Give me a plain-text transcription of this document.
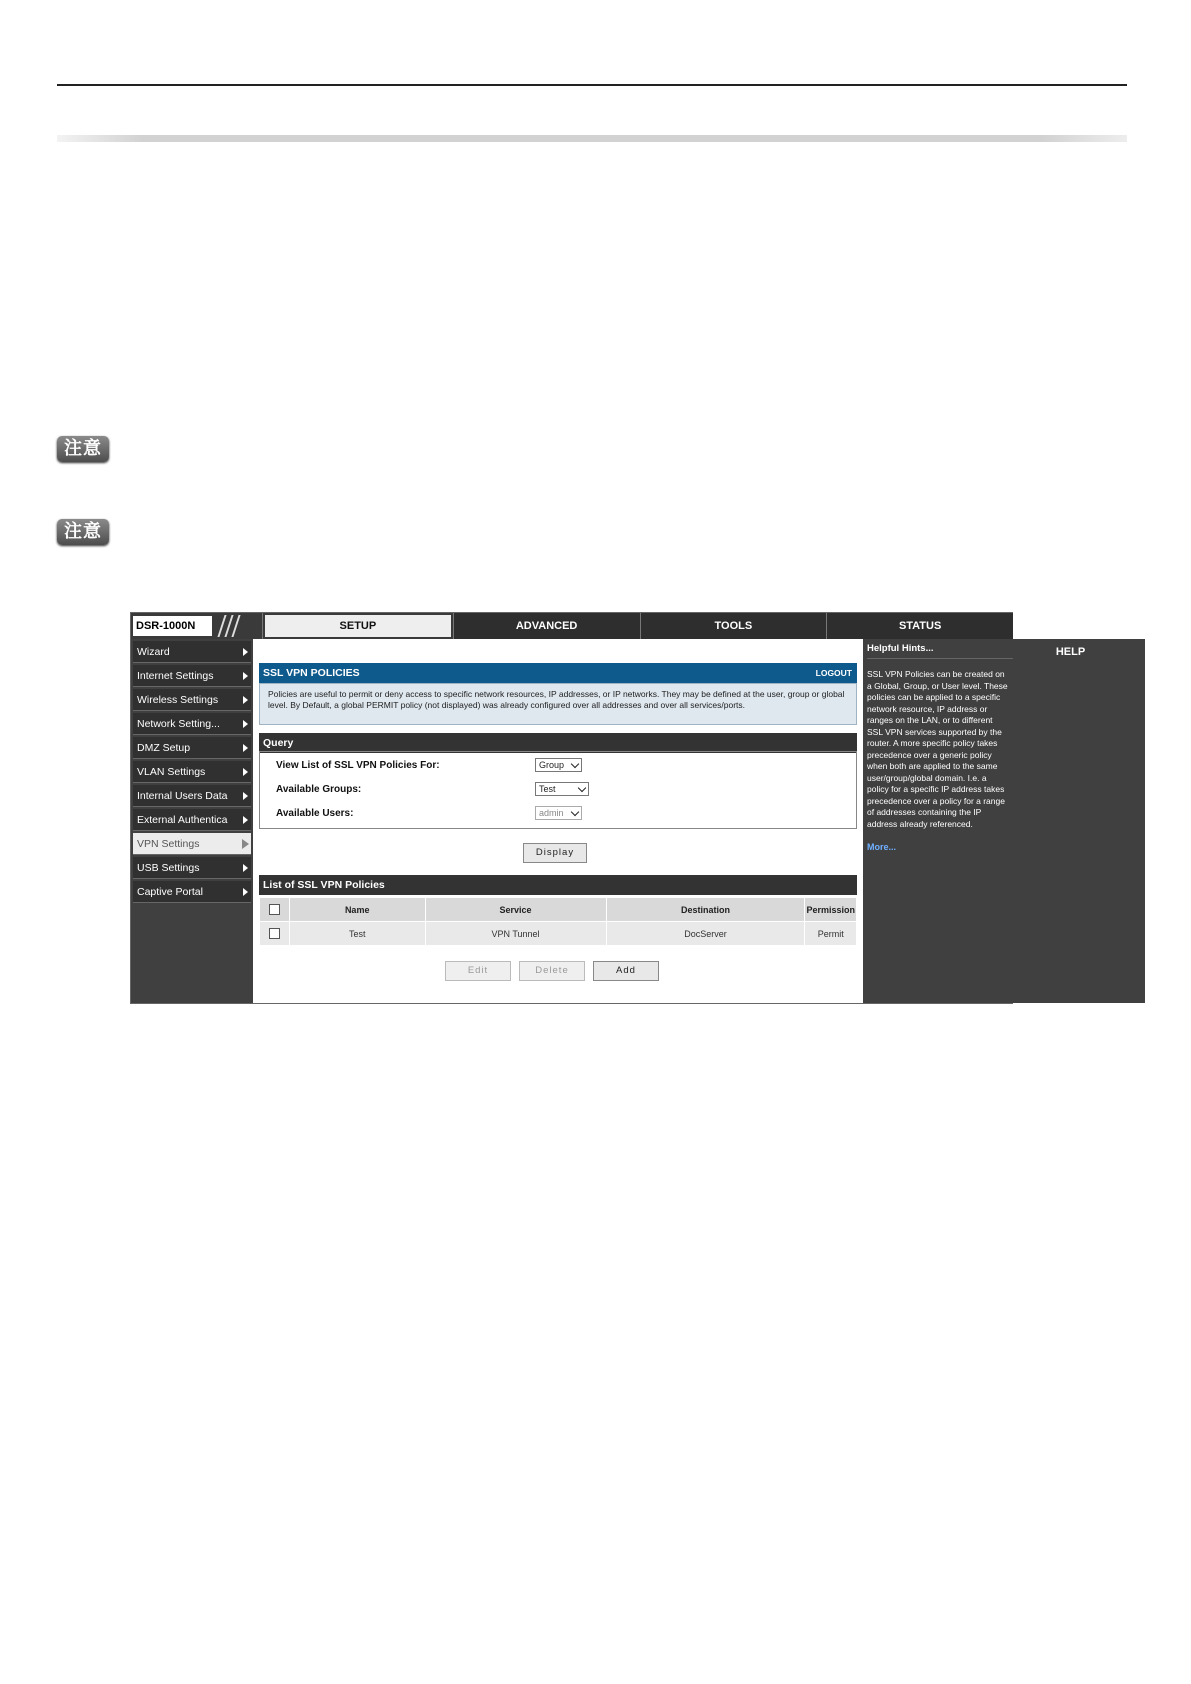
注意
注意
DSR-1000N	SETUP	ADVANCED	TOOLS	STATUS
HELP
Wizard
Internet Settings
Wireless Settings
Network Setting...
DMZ Setup
VLAN Settings
Internal Users Data
External Authentica
VPN Settings
USB Settings
Captive Portal
SSL VPN POLICIES	LOGOUT
Policies are useful to permit or deny access to specific network resources, IP addresses, or IP networks. They may be defined at the user, group or global level. By Default, a global PERMIT policy (not displayed) was already configured over all addresses and over all services/ports.
Query
View List of SSL VPN Policies For:	Group
Available Groups:	Test
Available Users:	admin
Display
List of SSL VPN Policies
	Name	Service	Destination	Permission
	Test	VPN Tunnel	DocServer	Permit
Edit	Delete	Add
Helpful Hints...
SSL VPN Policies can be created on a Global, Group, or User level. These policies can be applied to a specific network resource, IP address or ranges on the LAN, or to different SSL VPN services supported by the router. A more specific policy takes precedence over a generic policy when both are applied to the same user/group/global domain. I.e. a policy for a specific IP address takes precedence over a policy for a range of addresses containing the IP address already referenced.
More...
